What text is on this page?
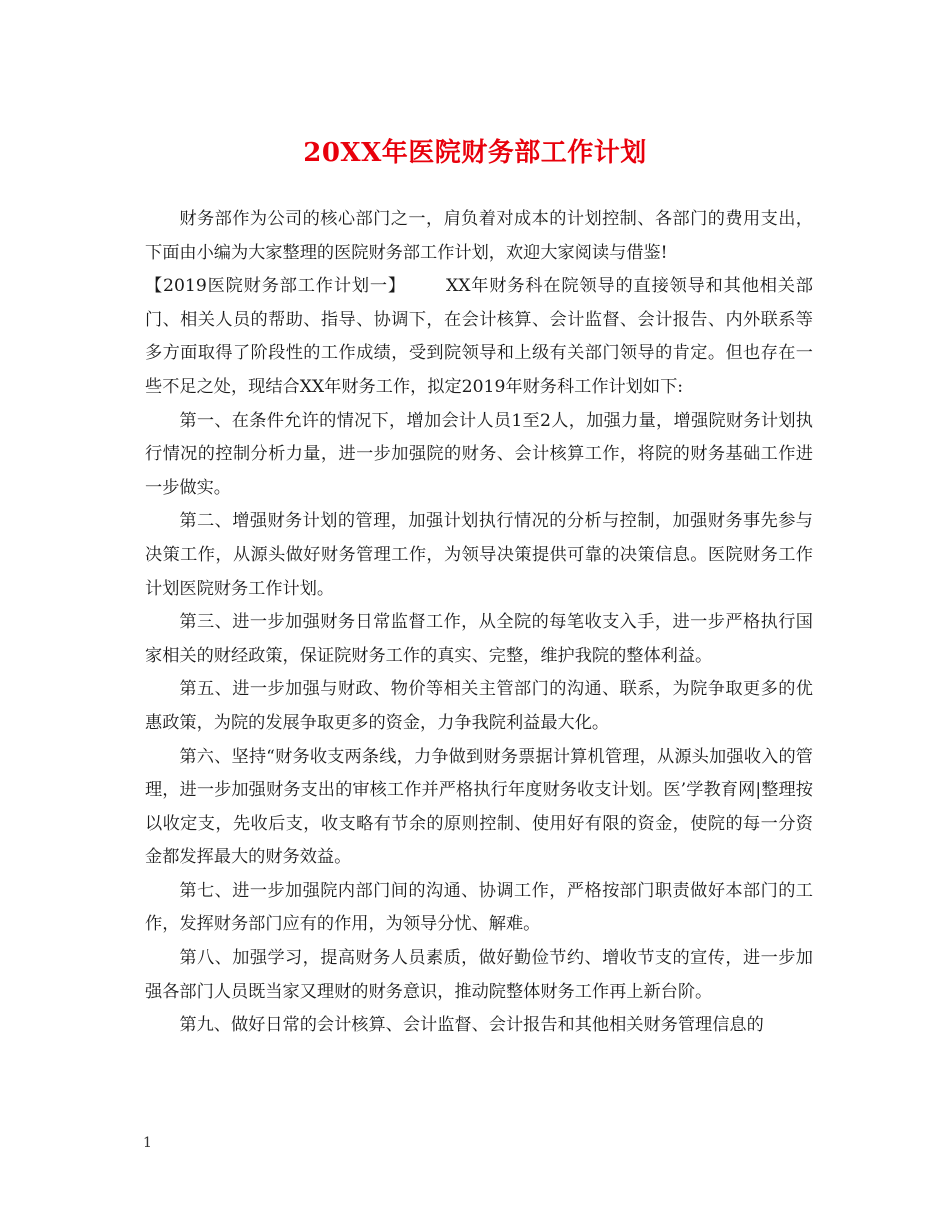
20XX年医院财务部工作计划

财务部作为公司的核心部门之一，肩负着对成本的计划控制、各部门的费用支出，下面由小编为大家整理的医院财务部工作计划，欢迎大家阅读与借鉴!

【2019医院财务部工作计划一】 XX年财务科在院领导的直接领导和其他相关部门、相关人员的帮助、指导、协调下，在会计核算、会计监督、会计报告、内外联系等多方面取得了阶段性的工作成绩，受到院领导和上级有关部门领导的肯定。但也存在一些不足之处，现结合XX年财务工作，拟定2019年财务科工作计划如下:

第一、在条件允许的情况下，增加会计人员1至2人，加强力量，增强院财务计划执行情况的控制分析力量，进一步加强院的财务、会计核算工作，将院的财务基础工作进一步做实。

第二、增强财务计划的管理，加强计划执行情况的分析与控制，加强财务事先参与决策工作，从源头做好财务管理工作，为领导决策提供可靠的决策信息。医院财务工作计划医院财务工作计划。

第三、进一步加强财务日常监督工作，从全院的每笔收支入手，进一步严格执行国家相关的财经政策，保证院财务工作的真实、完整，维护我院的整体利益。

第五、进一步加强与财政、物价等相关主管部门的沟通、联系，为院争取更多的优惠政策，为院的发展争取更多的资金，力争我院利益最大化。

第六、坚持“财务收支两条线，力争做到财务票据计算机管理，从源头加强收入的管理，进一步加强财务支出的审核工作并严格执行年度财务收支计划。医’学教育网|整理按以收定支，先收后支，收支略有节余的原则控制、使用好有限的资金，使院的每一分资金都发挥最大的财务效益。

第七、进一步加强院内部门间的沟通、协调工作，严格按部门职责做好本部门的工作，发挥财务部门应有的作用，为领导分忧、解难。

第八、加强学习，提高财务人员素质，做好勤俭节约、增收节支的宣传，进一步加强各部门人员既当家又理财的财务意识，推动院整体财务工作再上新台阶。

第九、做好日常的会计核算、会计监督、会计报告和其他相关财务管理信息的

1
